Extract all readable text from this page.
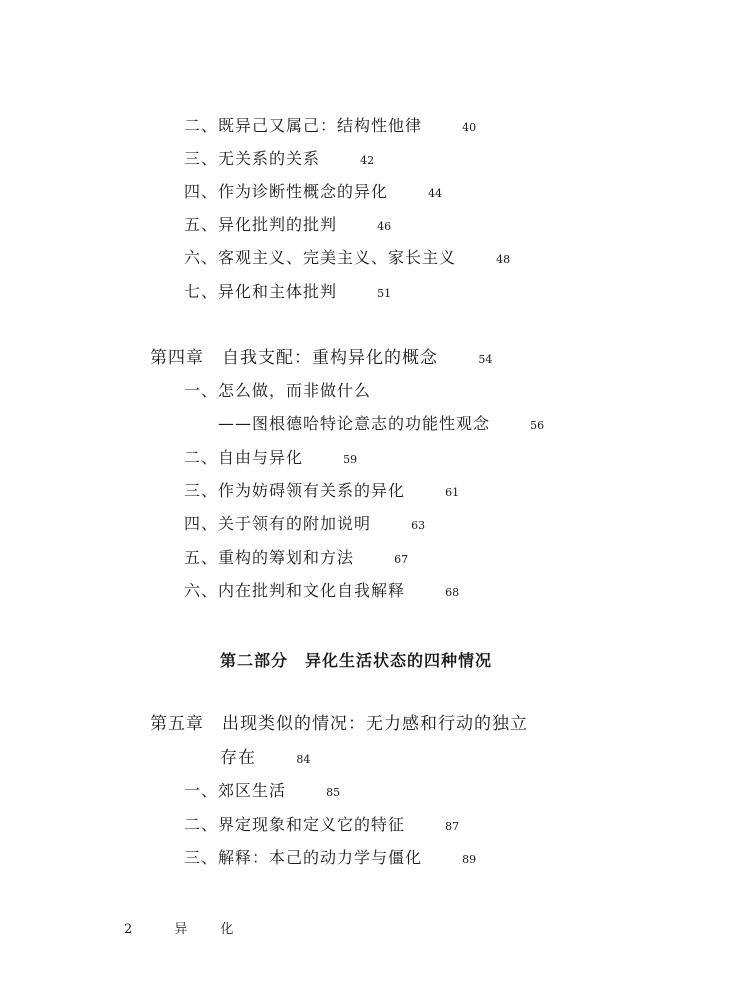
二、既异己又属己：结构性他律	40
三、无关系的关系	42
四、作为诊断性概念的异化	44
五、异化批判的批判	46
六、客观主义、完美主义、家长主义	48
七、异化和主体批判	51
第四章　自我支配：重构异化的概念	54
一、怎么做，而非做什么
——图根德哈特论意志的功能性观念	56
二、自由与异化	59
三、作为妨碍领有关系的异化	61
四、关于领有的附加说明	63
五、重构的筹划和方法	67
六、内在批判和文化自我解释	68
第二部分　异化生活状态的四种情况
第五章　出现类似的情况：无力感和行动的独立
存在	84
一、郊区生活	85
二、界定现象和定义它的特征	87
三、解释：本己的动力学与僵化	89
2	异　化
